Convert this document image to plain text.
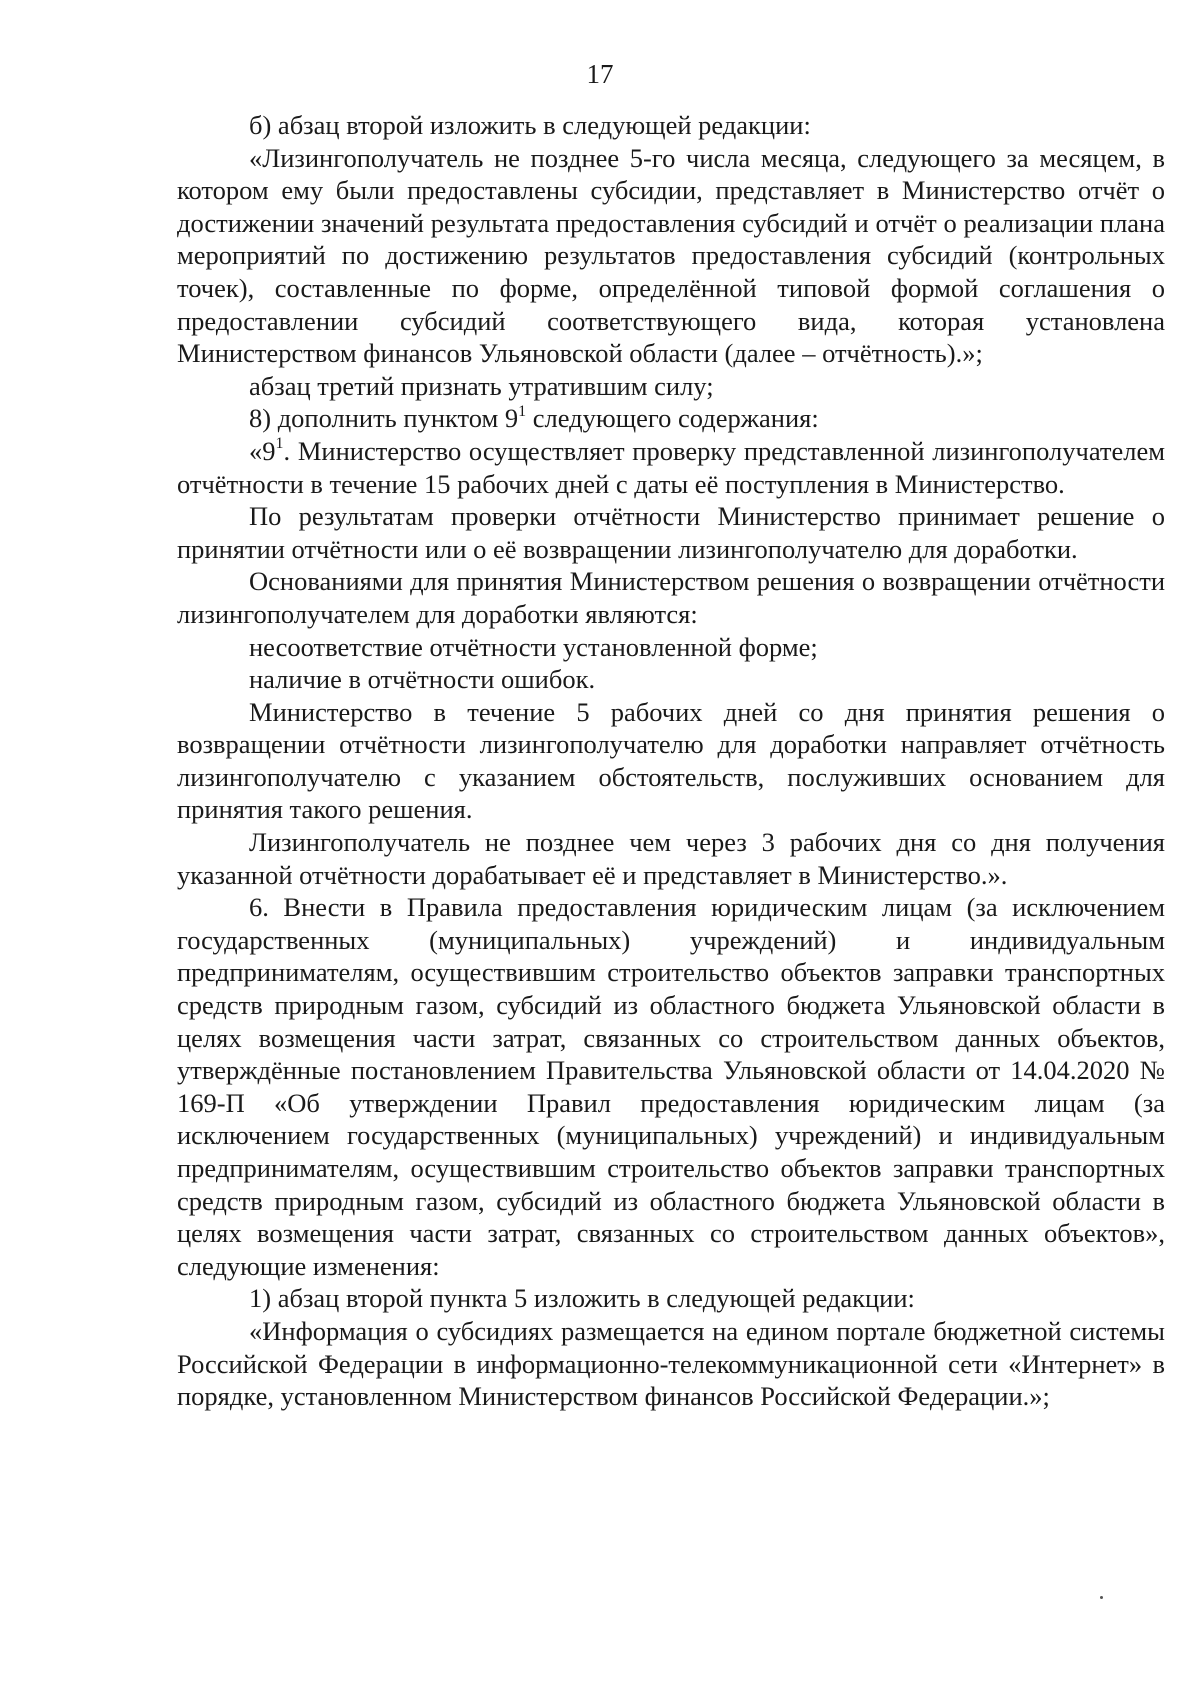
17

б) абзац второй изложить в следующей редакции:

«Лизингополучатель не позднее 5-го числа месяца, следующего за месяцем, в котором ему были предоставлены субсидии, представляет в Министерство отчёт о достижении значений результата предоставления субсидий и отчёт о реализации плана мероприятий по достижению результатов предоставления субсидий (контрольных точек), составленные по форме, определённой типовой формой соглашения о предоставлении субсидий соответствующего вида, которая установлена Министерством финансов Ульяновской области (далее – отчётность).»;

абзац третий признать утратившим силу;

8) дополнить пунктом $9^1$ следующего содержания:

«$9^1$. Министерство осуществляет проверку представленной лизингополучателем отчётности в течение 15 рабочих дней с даты её поступления в Министерство.

По результатам проверки отчётности Министерство принимает решение о принятии отчётности или о её возвращении лизингополучателю для доработки.

Основаниями для принятия Министерством решения о возвращении отчётности лизингополучателем для доработки являются:

несоответствие отчётности установленной форме;

наличие в отчётности ошибок.

Министерство в течение 5 рабочих дней со дня принятия решения о возвращении отчётности лизингополучателю для доработки направляет отчётность лизингополучателю с указанием обстоятельств, послуживших основанием для принятия такого решения.

Лизингополучатель не позднее чем через 3 рабочих дня со дня получения указанной отчётности дорабатывает её и представляет в Министерство.».

6. Внести в Правила предоставления юридическим лицам (за исключением государственных (муниципальных) учреждений) и индивидуальным предпринимателям, осуществившим строительство объектов заправки транспортных средств природным газом, субсидий из областного бюджета Ульяновской области в целях возмещения части затрат, связанных со строительством данных объектов, утверждённые постановлением Правительства Ульяновской области от 14.04.2020 № 169-П «Об утверждении Правил предоставления юридическим лицам (за исключением государственных (муниципальных) учреждений) и индивидуальным предпринимателям, осуществившим строительство объектов заправки транспортных средств природным газом, субсидий из областного бюджета Ульяновской области в целях возмещения части затрат, связанных со строительством данных объектов», следующие изменения:

1) абзац второй пункта 5 изложить в следующей редакции:

«Информация о субсидиях размещается на едином портале бюджетной системы Российской Федерации в информационно-телекоммуникационной сети «Интернет» в порядке, установленном Министерством финансов Российской Федерации.»;
